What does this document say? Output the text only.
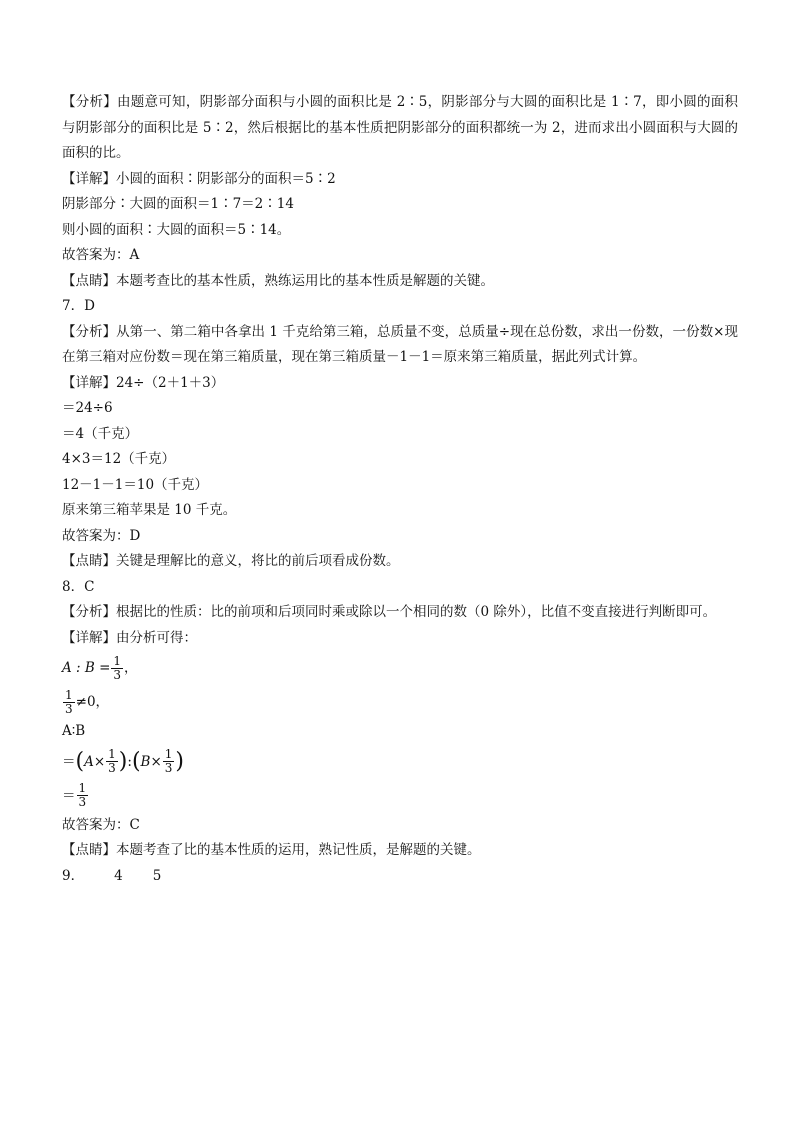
【分析】由题意可知，阴影部分面积与小圆的面积比是 2∶5，阴影部分与大圆的面积比是 1∶7，即小圆的面积与阴影部分的面积比是 5∶2，然后根据比的基本性质把阴影部分的面积都统一为 2，进而求出小圆面积与大圆的面积的比。
【详解】小圆的面积∶阴影部分的面积＝5∶2
阴影部分∶大圆的面积＝1∶7＝2∶14
则小圆的面积∶大圆的面积＝5∶14。
故答案为：A
【点睛】本题考查比的基本性质，熟练运用比的基本性质是解题的关键。
7．D
【分析】从第一、第二箱中各拿出 1 千克给第三箱，总质量不变，总质量÷现在总份数，求出一份数，一份数×现在第三箱对应份数＝现在第三箱质量，现在第三箱质量－1－1＝原来第三箱质量，据此列式计算。
【详解】24÷（2＋1＋3）
＝24÷6
＝4（千克）
4×3＝12（千克）
12－1－1＝10（千克）
原来第三箱苹果是 10 千克。
故答案为：D
【点睛】关键是理解比的意义，将比的前后项看成份数。
8．C
【分析】根据比的性质：比的前项和后项同时乘或除以一个相同的数（0 除外），比值不变直接进行判断即可。
【详解】由分析可得：
A : $B = \frac{1}{3}$ ，
$\frac{1}{3} \ne 0$，
A∶B
＝ ( $A\times \frac{1}{3}$ ) : ( $B\times \frac{1}{3}$ )
＝ $\frac{1}{3}$
故答案为：C
【点睛】本题考查了比的基本性质的运用，熟记性质，是解题的关键。
9． 4 5
